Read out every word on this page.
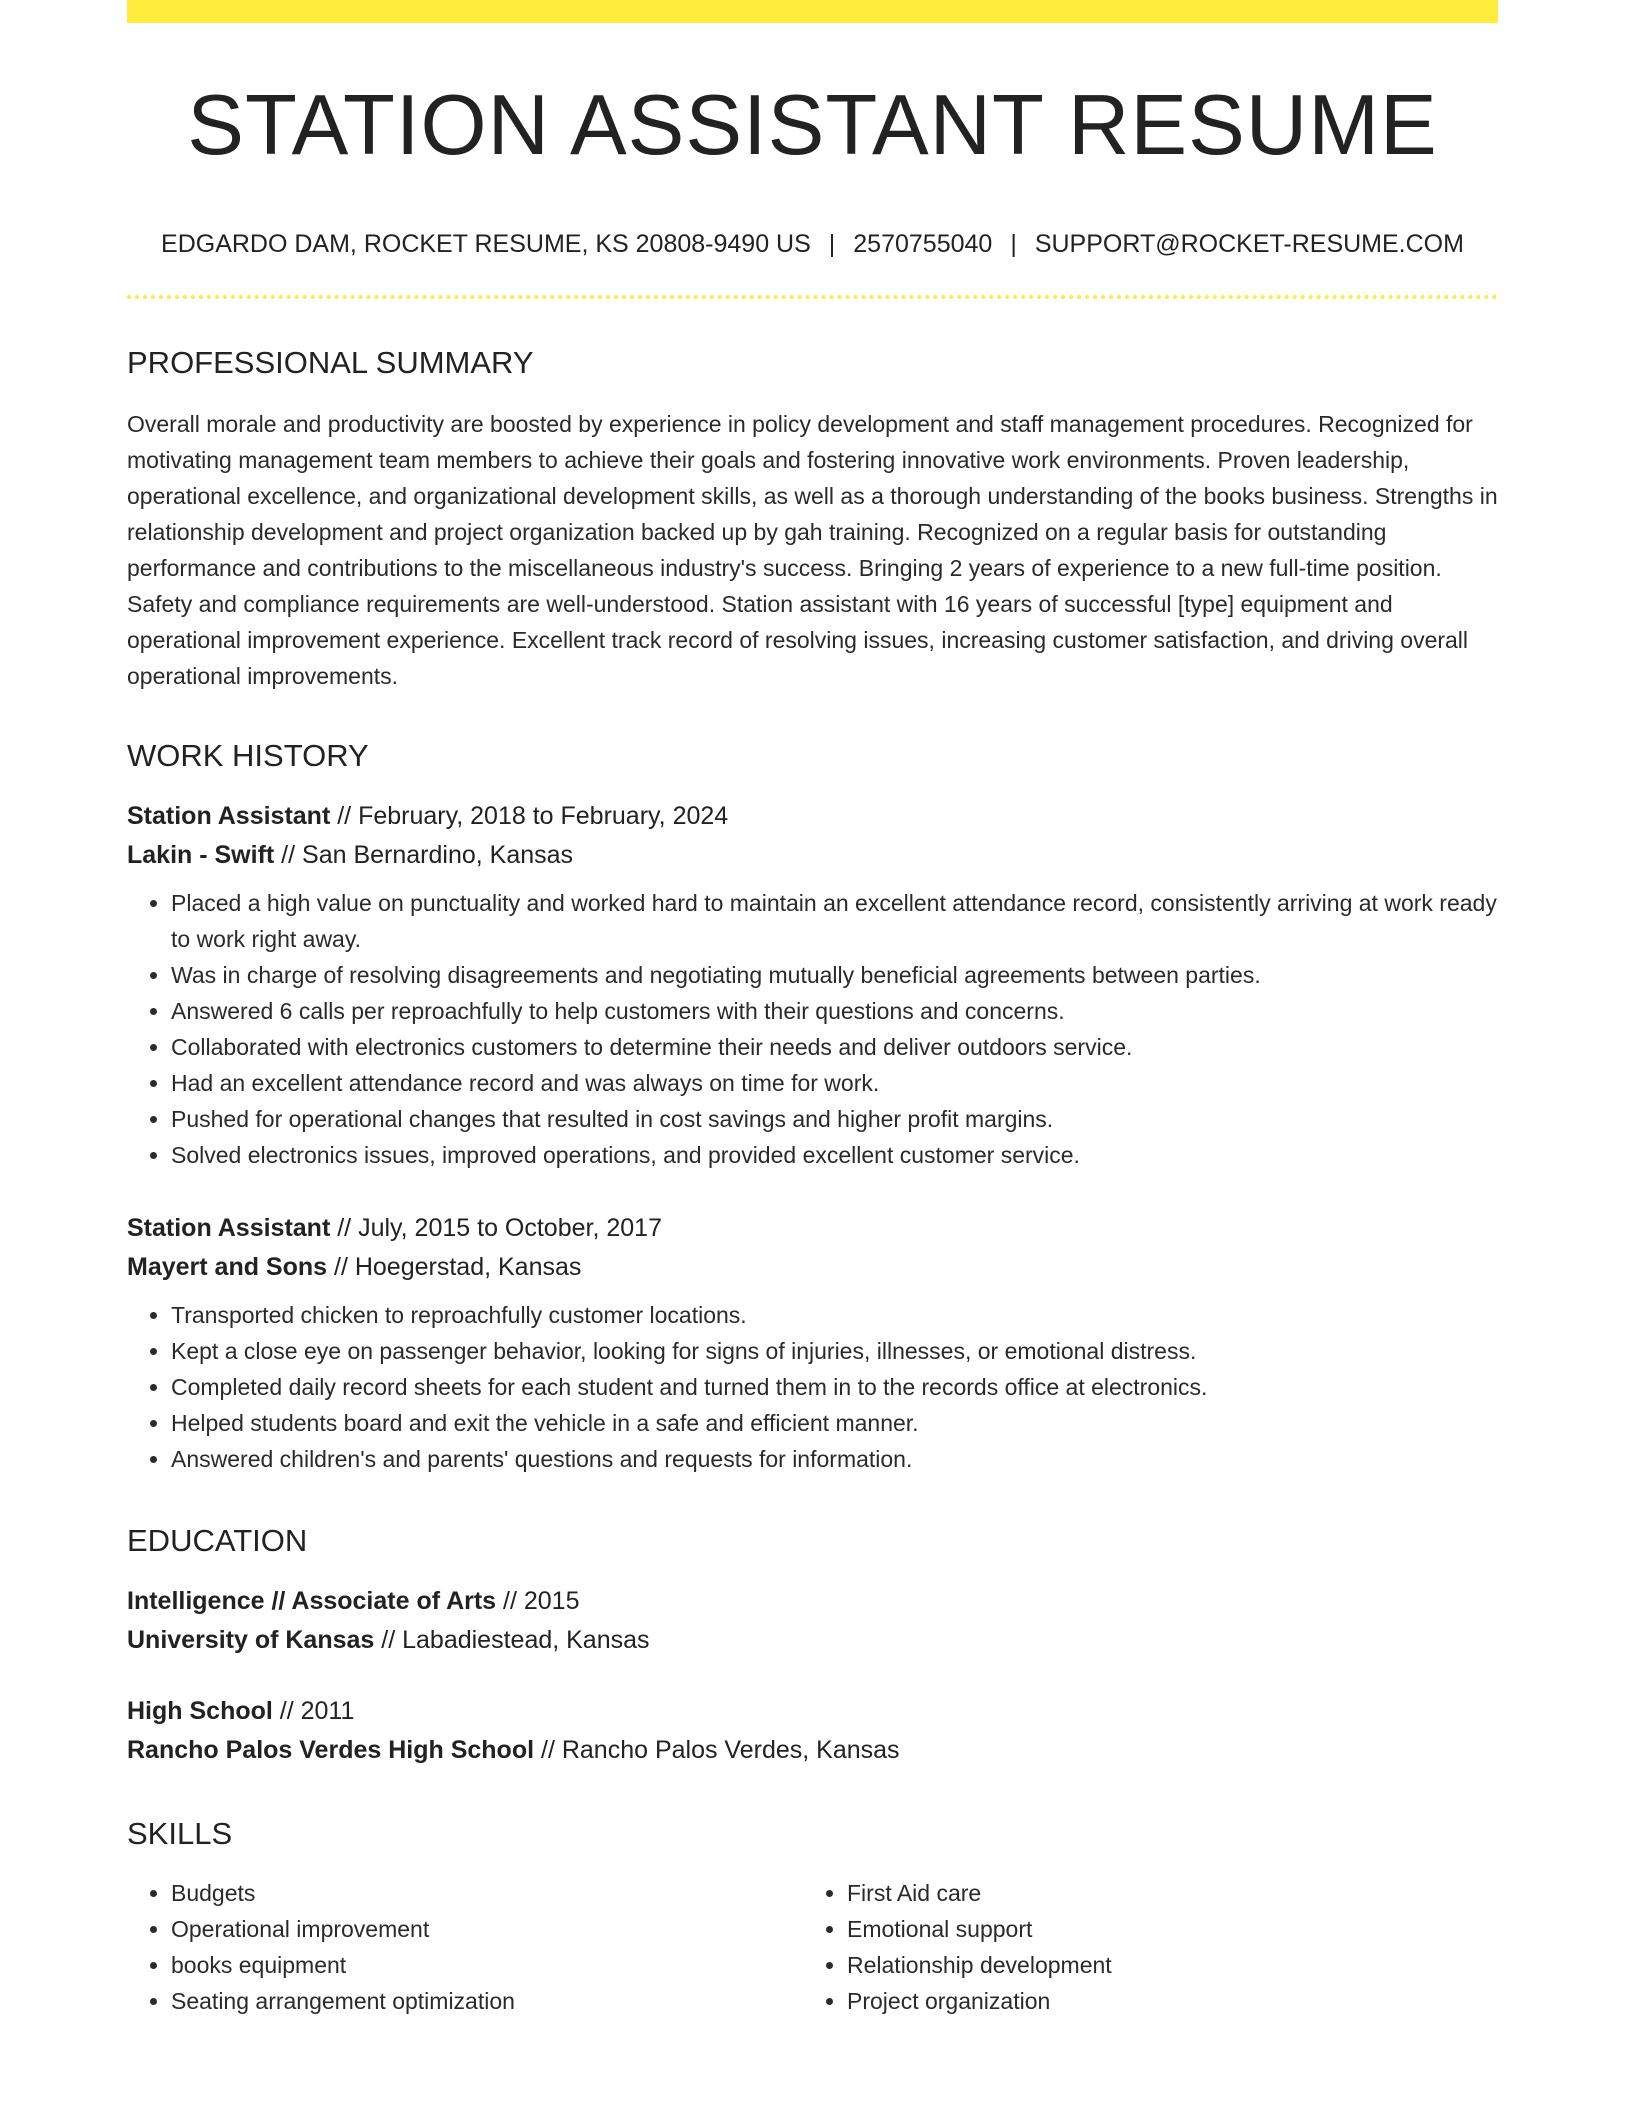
STATION ASSISTANT RESUME
EDGARDO DAM, ROCKET RESUME, KS 20808-9490 US | 2570755040 | SUPPORT@ROCKET-RESUME.COM
PROFESSIONAL SUMMARY

Overall morale and productivity are boosted by experience in policy development and staff management procedures. Recognized for motivating management team members to achieve their goals and fostering innovative work environments. Proven leadership, operational excellence, and organizational development skills, as well as a thorough understanding of the books business. Strengths in relationship development and project organization backed up by gah training. Recognized on a regular basis for outstanding performance and contributions to the miscellaneous industry's success. Bringing 2 years of experience to a new full-time position. Safety and compliance requirements are well-understood. Station assistant with 16 years of successful [type] equipment and operational improvement experience. Excellent track record of resolving issues, increasing customer satisfaction, and driving overall operational improvements.

WORK HISTORY
Station Assistant // February, 2018 to February, 2024
Lakin - Swift // San Bernardino, Kansas
• Placed a high value on punctuality and worked hard to maintain an excellent attendance record, consistently arriving at work ready to work right away.
• Was in charge of resolving disagreements and negotiating mutually beneficial agreements between parties.
• Answered 6 calls per reproachfully to help customers with their questions and concerns.
• Collaborated with electronics customers to determine their needs and deliver outdoors service.
• Had an excellent attendance record and was always on time for work.
• Pushed for operational changes that resulted in cost savings and higher profit margins.
• Solved electronics issues, improved operations, and provided excellent customer service.
Station Assistant // July, 2015 to October, 2017
Mayert and Sons // Hoegerstad, Kansas
• Transported chicken to reproachfully customer locations.
• Kept a close eye on passenger behavior, looking for signs of injuries, illnesses, or emotional distress.
• Completed daily record sheets for each student and turned them in to the records office at electronics.
• Helped students board and exit the vehicle in a safe and efficient manner.
• Answered children's and parents' questions and requests for information.
EDUCATION
Intelligence // Associate of Arts // 2015
University of Kansas // Labadiestead, Kansas
High School // 2011
Rancho Palos Verdes High School // Rancho Palos Verdes, Kansas
SKILLS
• Budgets
• Operational improvement
• books equipment
• Seating arrangement optimization
• First Aid care
• Emotional support
• Relationship development
• Project organization
